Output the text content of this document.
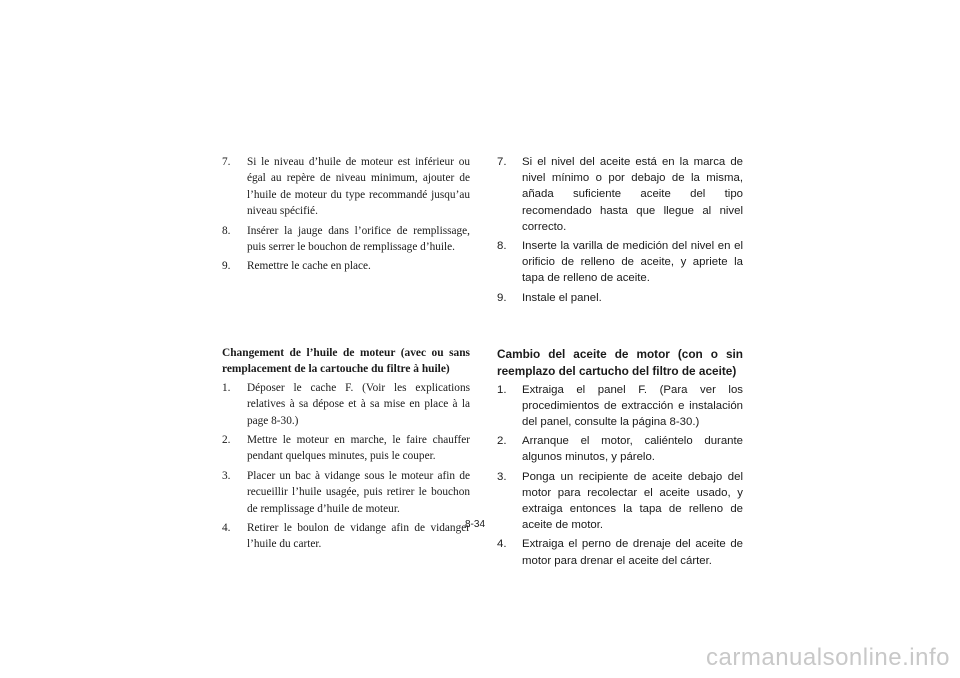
7. Si le niveau d’huile de moteur est inférieur ou égal au repère de niveau minimum, ajouter de l’huile de moteur du type recommandé jusqu’au niveau spécifié.
8. Insérer la jauge dans l’orifice de remplissage, puis serrer le bouchon de remplissage d’huile.
9. Remettre le cache en place.
Changement de l’huile de moteur (avec ou sans remplacement de la cartouche du filtre à huile)
1. Déposer le cache F. (Voir les explications relatives à sa dépose et à sa mise en place à la page 8-30.)
2. Mettre le moteur en marche, le faire chauffer pendant quelques minutes, puis le couper.
3. Placer un bac à vidange sous le moteur afin de recueillir l’huile usagée, puis retirer le bouchon de remplissage d’huile de moteur.
4. Retirer le boulon de vidange afin de vidanger l’huile du carter.
7. Si el nivel del aceite está en la marca de nivel mínimo o por debajo de la misma, añada suficiente aceite del tipo recomendado hasta que llegue al nivel correcto.
8. Inserte la varilla de medición del nivel en el orificio de relleno de aceite, y apriete la tapa de relleno de aceite.
9. Instale el panel.
Cambio del aceite de motor (con o sin reemplazo del cartucho del filtro de aceite)
1. Extraiga el panel F. (Para ver los procedimientos de extracción e instalación del panel, consulte la página 8-30.)
2. Arranque el motor, caliéntelo durante algunos minutos, y párelo.
3. Ponga un recipiente de aceite debajo del motor para recolectar el aceite usado, y extraiga entonces la tapa de relleno de aceite de motor.
4. Extraiga el perno de drenaje del aceite de motor para drenar el aceite del cárter.
8-34
carmanualsonline.info
